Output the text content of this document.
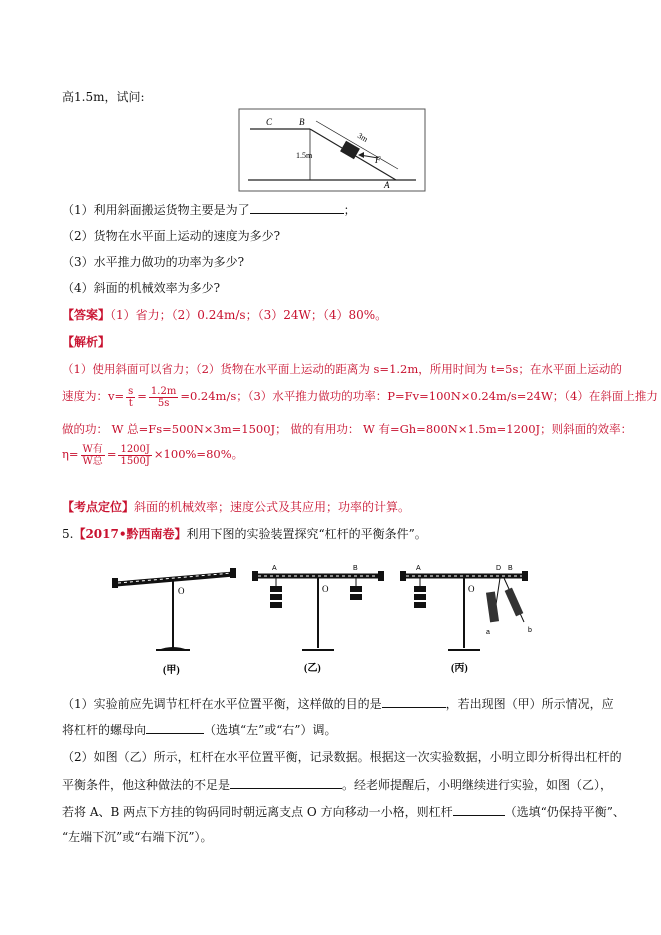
高1.5m，试问:
C	B
3m
1.5m	F
A
（1）利用斜面搬运货物主要是为了	；
（2）货物在水平面上运动的速度为多少?
（3）水平推力做功的功率为多少?
（4）斜面的机械效率为多少?
【答案】（1）省力；（2）0.24m/s；（3）24W；（4）80%。
【解析】
（1）使用斜面可以省力；（2）货物在水平面上运动的距离为 s=1.2m，所用时间为 t=5s；在水平面上运动的
速度为：$v= \frac{s}{t} = \frac{1.2m}{5s} =0.24m/s$；（3）水平推力做功的功率：P=Fv=100N×0.24m/s=24W；（4）在斜面上推力
做的功： W 总=Fs=500N×3m=1500J； 做的有用功： W 有=Gh=800N×1.5m=1200J；则斜面的效率：
$\eta= \frac{\text{W有}}{\text{W总}} = \frac{1200J}{1500J} \times 100\%=80\%$。
【考点定位】斜面的机械效率；速度公式及其应用；功率的计算。
5.【2017•黔西南卷】利用下图的实验装置探究“杠杆的平衡条件”。
O
(甲)
A	B
O
(乙)
A	D B
O
a	b
(丙)
（1）实验前应先调节杠杆在水平位置平衡，这样做的目的是	，若出现图（甲）所示情况，应
将杠杆的螺母向	（选填“左”或“右”）调。
（2）如图（乙）所示，杠杆在水平位置平衡，记录数据。根据这一次实验数据，小明立即分析得出杠杆的
平衡条件，他这种做法的不足是	。经老师提醒后，小明继续进行实验，如图（乙），
若将 A、B 两点下方挂的钩码同时朝远离支点 O 方向移动一小格，则杠杆	（选填“仍保持平衡”、
“左端下沉”或“右端下沉”）。
